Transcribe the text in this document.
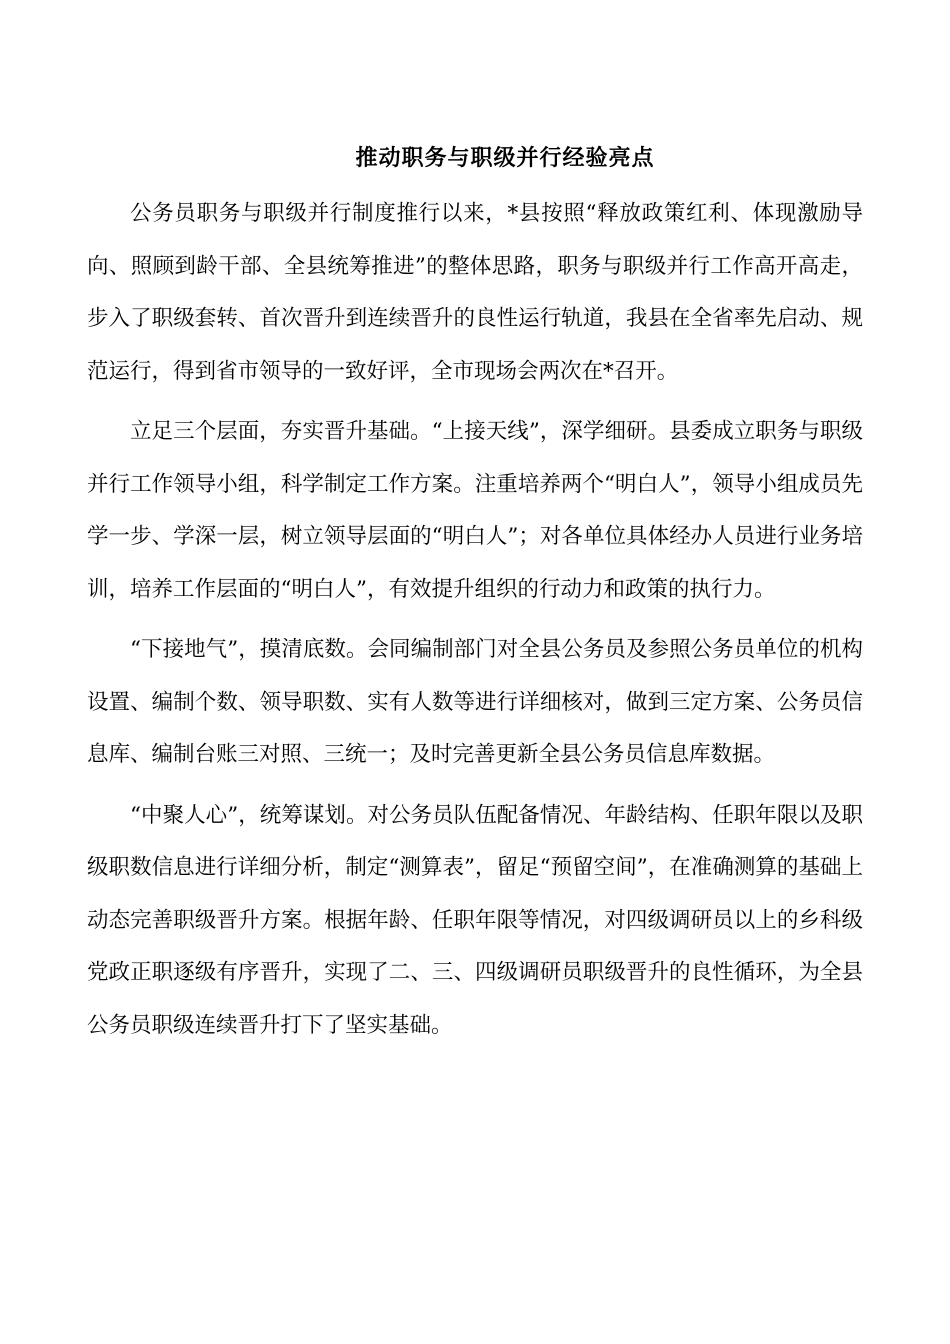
推动职务与职级并行经验亮点

公务员职务与职级并行制度推行以来，*县按照“释放政策红利、体现激励导向、照顾到龄干部、全县统筹推进”的整体思路，职务与职级并行工作高开高走，步入了职级套转、首次晋升到连续晋升的良性运行轨道，我县在全省率先启动、规范运行，得到省市领导的一致好评，全市现场会两次在*召开。

立足三个层面，夯实晋升基础。“上接天线”，深学细研。县委成立职务与职级并行工作领导小组，科学制定工作方案。注重培养两个“明白人”，领导小组成员先学一步、学深一层，树立领导层面的“明白人”；对各单位具体经办人员进行业务培训，培养工作层面的“明白人”，有效提升组织的行动力和政策的执行力。

“下接地气”，摸清底数。会同编制部门对全县公务员及参照公务员单位的机构设置、编制个数、领导职数、实有人数等进行详细核对，做到三定方案、公务员信息库、编制台账三对照、三统一；及时完善更新全县公务员信息库数据。

“中聚人心”，统筹谋划。对公务员队伍配备情况、年龄结构、任职年限以及职级职数信息进行详细分析，制定“测算表”，留足“预留空间”，在准确测算的基础上动态完善职级晋升方案。根据年龄、任职年限等情况，对四级调研员以上的乡科级党政正职逐级有序晋升，实现了二、三、四级调研员职级晋升的良性循环，为全县公务员职级连续晋升打下了坚实基础。
